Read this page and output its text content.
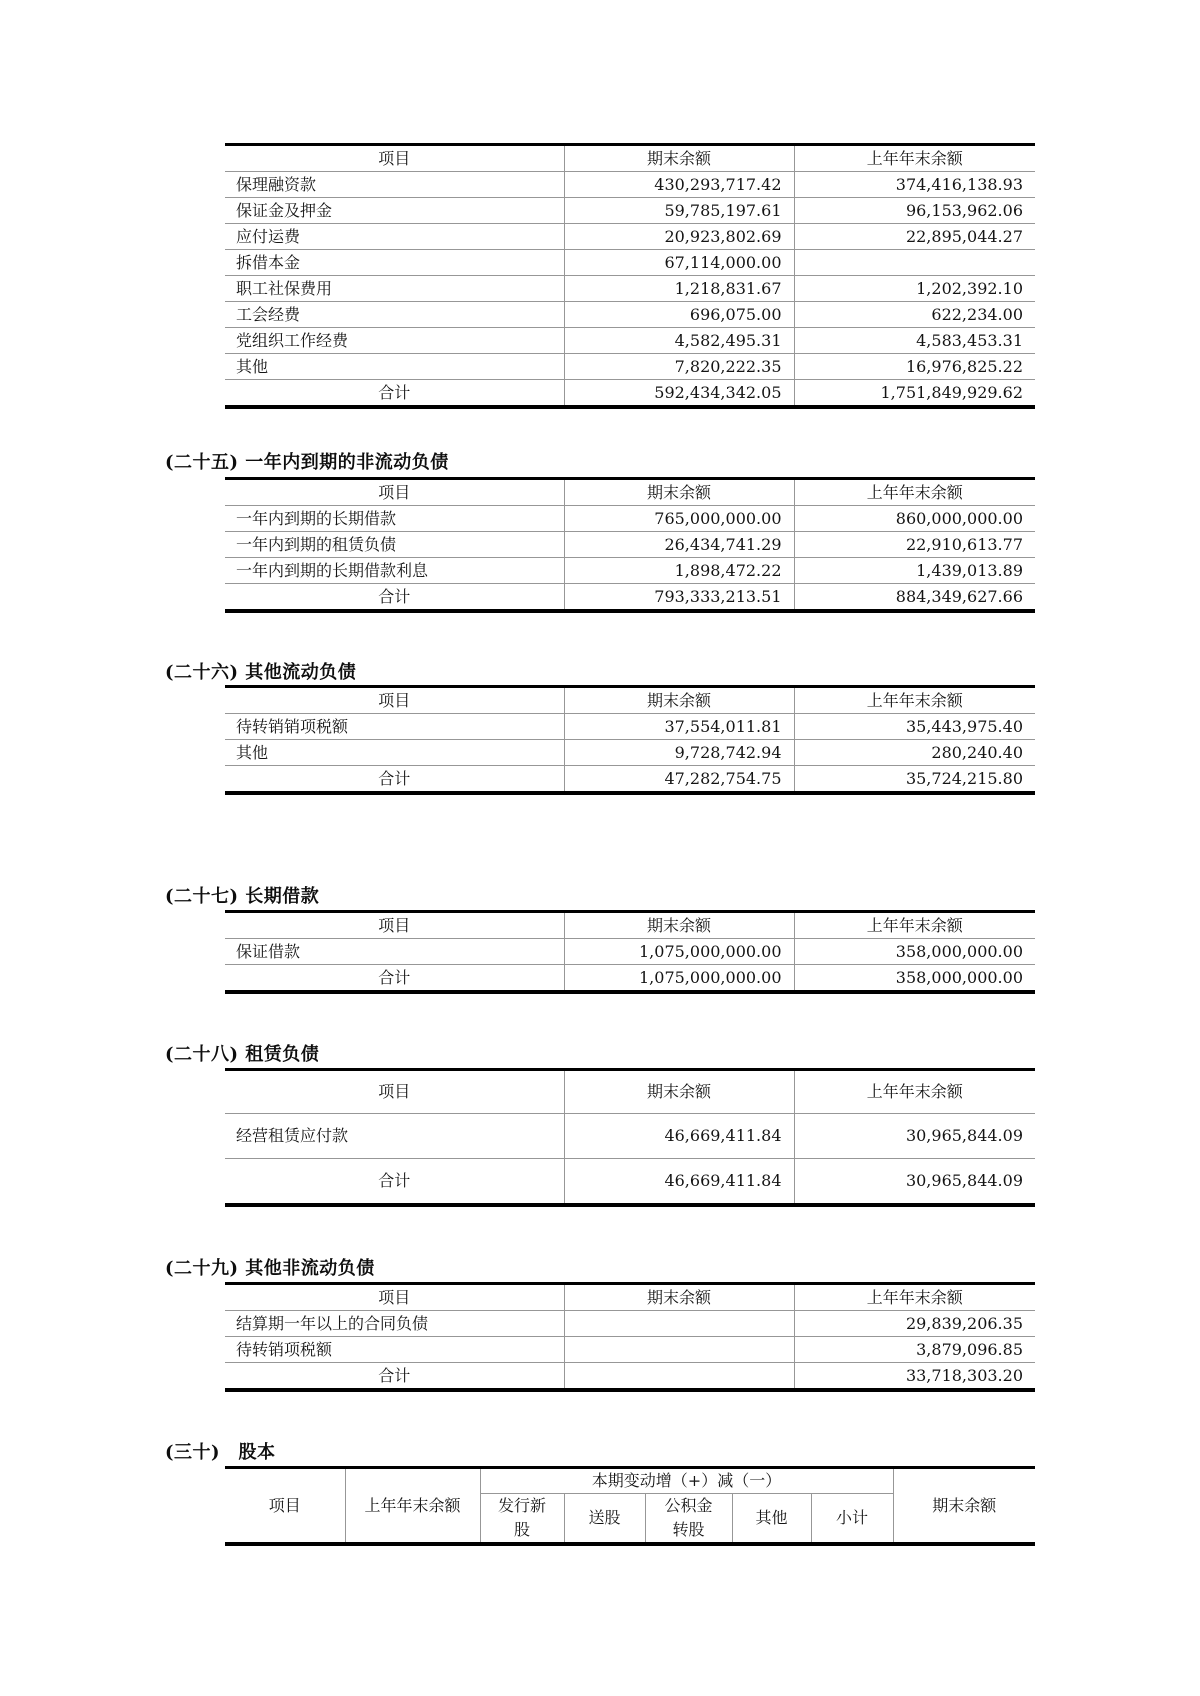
项目	期末余额	上年年末余额
保理融资款	430,293,717.42	374,416,138.93
保证金及押金	59,785,197.61	96,153,962.06
应付运费	20,923,802.69	22,895,044.27
拆借本金	67,114,000.00	
职工社保费用	1,218,831.67	1,202,392.10
工会经费	696,075.00	622,234.00
党组织工作经费	4,582,495.31	4,583,453.31
其他	7,820,222.35	16,976,825.22
合计	592,434,342.05	1,751,849,929.62
(二十五) 一年内到期的非流动负债
项目	期末余额	上年年末余额
一年内到期的长期借款	765,000,000.00	860,000,000.00
一年内到期的租赁负债	26,434,741.29	22,910,613.77
一年内到期的长期借款利息	1,898,472.22	1,439,013.89
合计	793,333,213.51	884,349,627.66
(二十六) 其他流动负债
项目	期末余额	上年年末余额
待转销销项税额	37,554,011.81	35,443,975.40
其他	9,728,742.94	280,240.40
合计	47,282,754.75	35,724,215.80
(二十七) 长期借款
项目	期末余额	上年年末余额
保证借款	1,075,000,000.00	358,000,000.00
合计	1,075,000,000.00	358,000,000.00
(二十八) 租赁负债
项目	期末余额	上年年末余额
经营租赁应付款	46,669,411.84	30,965,844.09
合计	46,669,411.84	30,965,844.09
(二十九) 其他非流动负债
项目	期末余额	上年年末余额
结算期一年以上的合同负债		29,839,206.35
待转销项税额		3,879,096.85
合计		33,718,303.20
(三十)　股本
项目	上年年末余额	本期变动增（+）减（一）					期末余额
		发行新股	送股	公积金转股	其他	小计	
